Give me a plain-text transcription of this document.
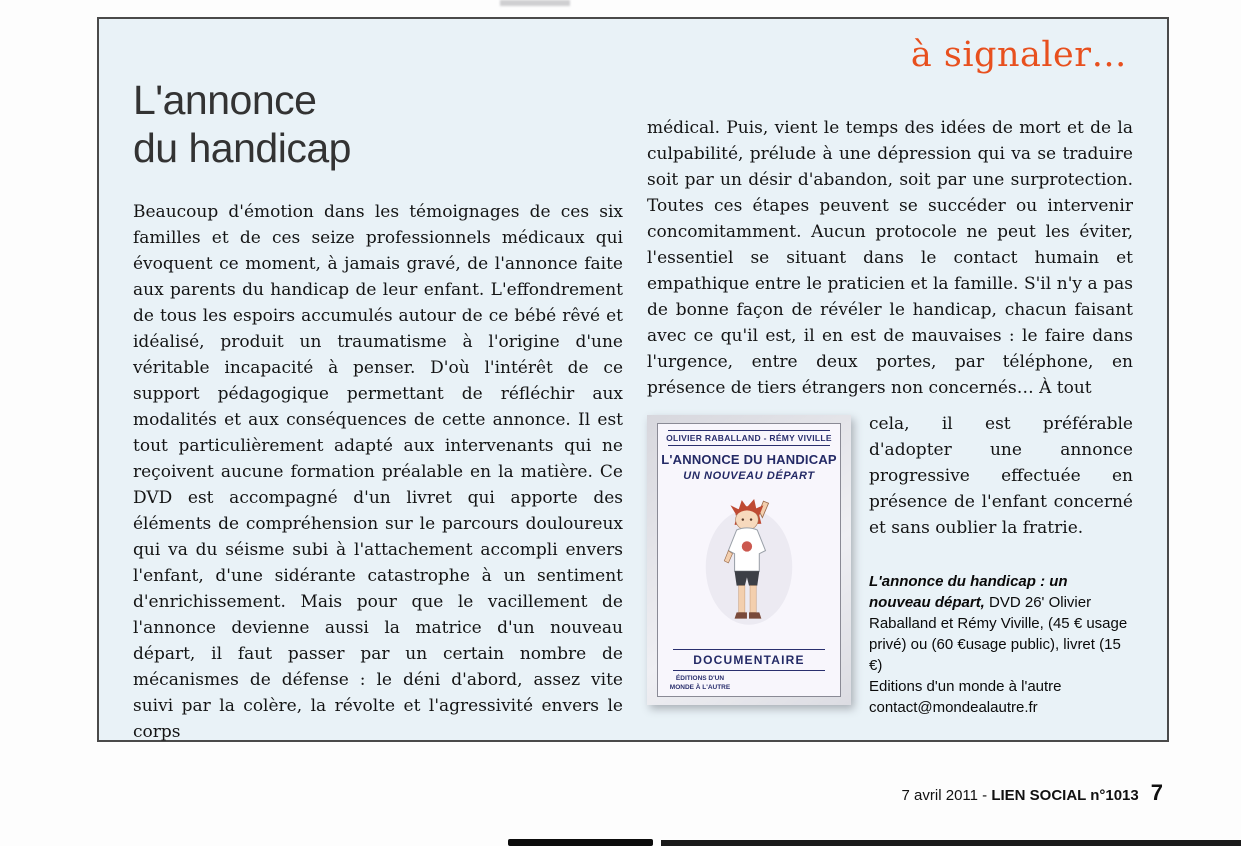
à signaler…
L'annonce
du handicap

Beaucoup d'émotion dans les témoignages de ces six familles et de ces seize professionnels médicaux qui évoquent ce moment, à jamais gravé, de l'annonce faite aux parents du handicap de leur enfant. L'effondrement de tous les espoirs accumulés autour de ce bébé rêvé et idéalisé, produit un traumatisme à l'origine d'une véritable incapacité à penser. D'où l'intérêt de ce support pédagogique permettant de réfléchir aux modalités et aux conséquences de cette annonce. Il est tout particulièrement adapté aux intervenants qui ne reçoivent aucune formation préalable en la matière. Ce DVD est accompagné d'un livret qui apporte des éléments de compréhension sur le parcours douloureux qui va du séisme subi à l'attachement accompli envers l'enfant, d'une sidérante catastrophe à un sentiment d'enrichissement. Mais pour que le vacillement de l'annonce devienne aussi la matrice d'un nouveau départ, il faut passer par un certain nombre de mécanismes de défense : le déni d'abord, assez vite suivi par la colère, la révolte et l'agressivité envers le corps

médical. Puis, vient le temps des idées de mort et de la culpabilité, prélude à une dépression qui va se traduire soit par un désir d'abandon, soit par une surprotection. Toutes ces étapes peuvent se succéder ou intervenir concomitamment. Aucun protocole ne peut les éviter, l'essentiel se situant dans le contact humain et empathique entre le praticien et la famille. S'il n'y a pas de bonne façon de révéler le handicap, chacun faisant avec ce qu'il est, il en est de mauvaises : le faire dans l'urgence, entre deux portes, par téléphone, en présence de tiers étrangers non concernés… À tout

OLIVIER RABALLAND - RÉMY VIVILLE
L'ANNONCE DU HANDICAP
UN NOUVEAU DÉPART
DOCUMENTAIRE
ÉDITIONS D'UN MONDE À L'AUTRE

cela, il est préférable d'adopter une annonce progressive effectuée en présence de l'enfant concerné et sans oublier la fratrie.

L'annonce du handicap : un nouveau départ, DVD 26' Olivier Raballand et Rémy Viville, (45 € usage privé) ou (60 €usage public), livret (15 €)
Editions d'un monde à l'autre
contact@mondealautre.fr
7 avril 2011 - LIEN SOCIAL n°1013 7
